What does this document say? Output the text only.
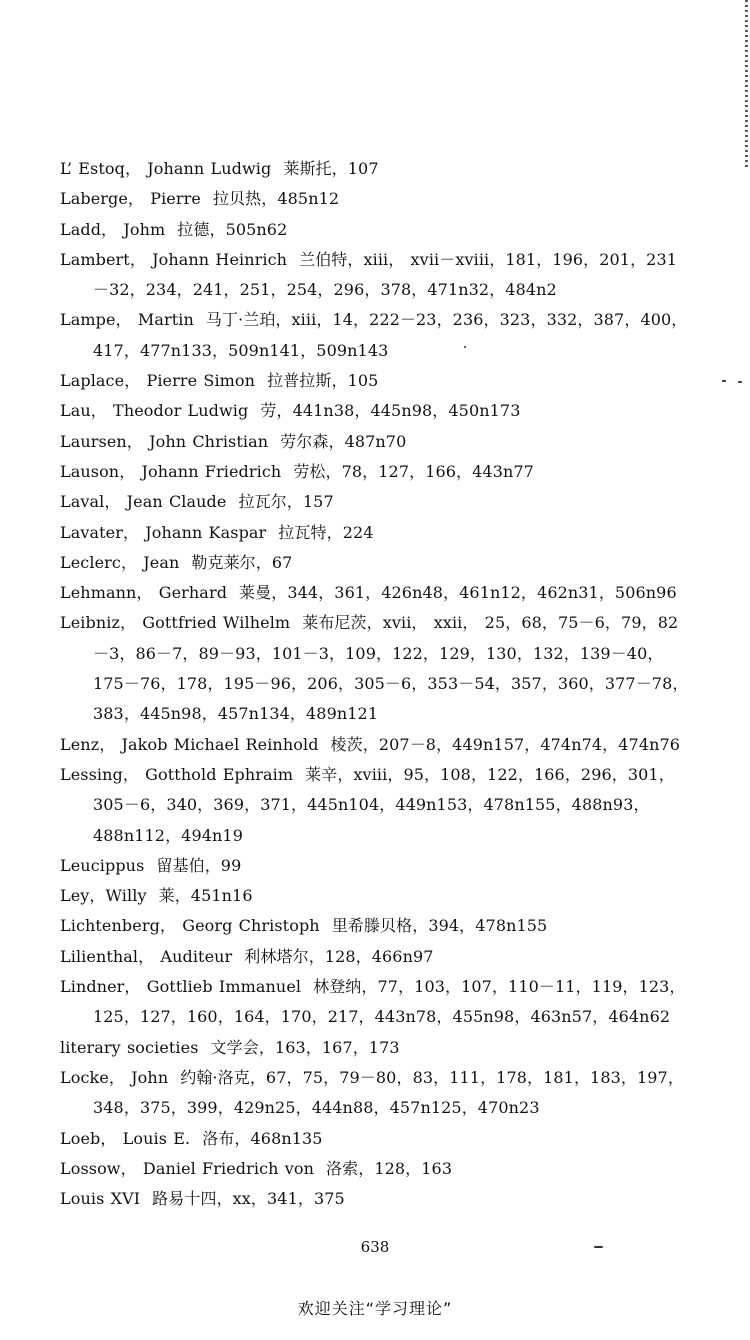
L’ Estoq， Johann Ludwig 莱斯托，107
Laberge， Pierre 拉贝热，485n12
Ladd， Johm 拉德，505n62
Lambert， Johann Heinrich 兰伯特，xiii， xvii－xviii，181，196，201，231－32，234，241，251，254，296，378，471n32，484n2
Lampe， Martin 马丁·兰珀，xiii，14，222－23，236，323，332，387，400，417，477n133，509n141，509n143
Laplace， Pierre Simon 拉普拉斯，105
Lau， Theodor Ludwig 劳，441n38，445n98，450n173
Laursen， John Christian 劳尔森，487n70
Lauson， Johann Friedrich 劳松，78，127，166，443n77
Laval， Jean Claude 拉瓦尔，157
Lavater， Johann Kaspar 拉瓦特，224
Leclerc， Jean 勒克莱尔，67
Lehmann， Gerhard 莱曼，344，361，426n48，461n12，462n31，506n96
Leibniz， Gottfried Wilhelm 莱布尼茨，xvii， xxii， 25，68，75－6，79，82－3，86－7，89－93，101－3，109，122，129，130，132，139－40，175－76，178，195－96，206，305－6，353－54，357，360，377－78，383，445n98，457n134，489n121
Lenz， Jakob Michael Reinhold 棱茨，207－8，449n157，474n74，474n76
Lessing， Gotthold Ephraim 莱辛，xviii，95，108，122，166，296，301，305－6，340，369，371，445n104，449n153，478n155，488n93，488n112，494n19
Leucippus 留基伯，99
Ley，Willy 莱，451n16
Lichtenberg， Georg Christoph 里希滕贝格，394，478n155
Lilienthal， Auditeur 利林塔尔，128，466n97
Lindner， Gottlieb Immanuel 林登纳，77，103，107，110－11，119，123，125，127，160，164，170，217，443n78，455n98，463n57，464n62
literary societies 文学会，163，167，173
Locke， John 约翰·洛克，67，75，79－80，83，111，178，181，183，197，348，375，399，429n25，444n88，457n125，470n23
Loeb， Louis E. 洛布，468n135
Lossow， Daniel Friedrich von 洛索，128，163
Louis XVI 路易十四，xx，341，375
638
欢迎关注“学习理论”
